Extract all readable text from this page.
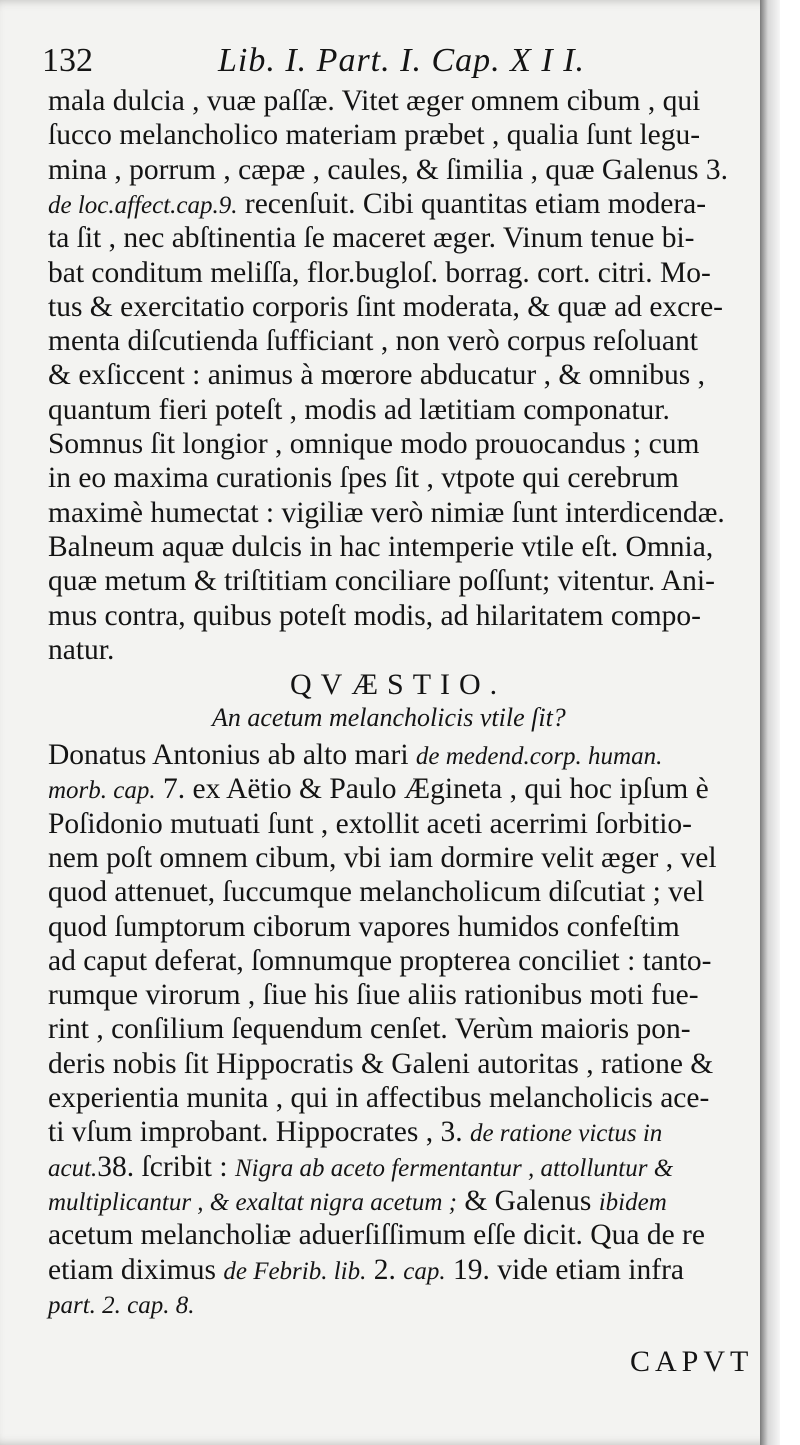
132	Lib. I. Part. I. Cap. X I I.
mala dulcia , vuæ paſſæ. Vitet æger omnem cibum , qui
ſucco melancholico materiam præbet , qualia ſunt legu-
mina , porrum , cæpæ , caules, & ſimilia , quæ Galenus 3.
de loc.affect.cap.9. recenſuit. Cibi quantitas etiam modera-
ta ſit , nec abſtinentia ſe maceret æger. Vinum tenue bi-
bat conditum meliſſa, flor.bugloſ. borrag. cort. citri. Mo-
tus & exercitatio corporis ſint moderata, & quæ ad excre-
menta diſcutienda ſufficiant , non verò corpus reſoluant
& exſiccent : animus à mœrore abducatur , & omnibus ,
quantum fieri poteſt , modis ad lætitiam componatur.
Somnus ſit longior , omnique modo prouocandus ; cum
in eo maxima curationis ſpes ſit , vtpote qui cerebrum
maximè humectat : vigiliæ verò nimiæ ſunt interdicendæ.
Balneum aquæ dulcis in hac intemperie vtile eſt. Omnia,
quæ metum & triſtitiam conciliare poſſunt; vitentur. Ani-
mus contra, quibus poteſt modis, ad hilaritatem compo-
natur.
QVÆSTIO.
An acetum melancholicis vtile ſit?
Donatus Antonius ab alto mari de medend.corp. human.
morb. cap. 7. ex Aëtio & Paulo Ægineta , qui hoc ipſum è
Poſidonio mutuati ſunt , extollit aceti acerrimi ſorbitio-
nem poſt omnem cibum, vbi iam dormire velit æger , vel
quod attenuet, ſuccumque melancholicum diſcutiat ; vel
quod ſumptorum ciborum vapores humidos confeſtim
ad caput deferat, ſomnumque propterea conciliet : tanto-
rumque virorum , ſiue his ſiue aliis rationibus moti fue-
rint , conſilium ſequendum cenſet. Verùm maioris pon-
deris nobis ſit Hippocratis & Galeni autoritas , ratione &
experientia munita , qui in affectibus melancholicis ace-
ti vſum improbant. Hippocrates , 3. de ratione victus in
acut.38. ſcribit : Nigra ab aceto fermentantur , attolluntur &
multiplicantur , & exaltat nigra acetum ; & Galenus ibidem
acetum melancholiæ aduerſiſſimum eſſe dicit. Qua de re
etiam diximus de Febrib. lib. 2. cap. 19. vide etiam infra
part. 2. cap. 8.
CAPVT
